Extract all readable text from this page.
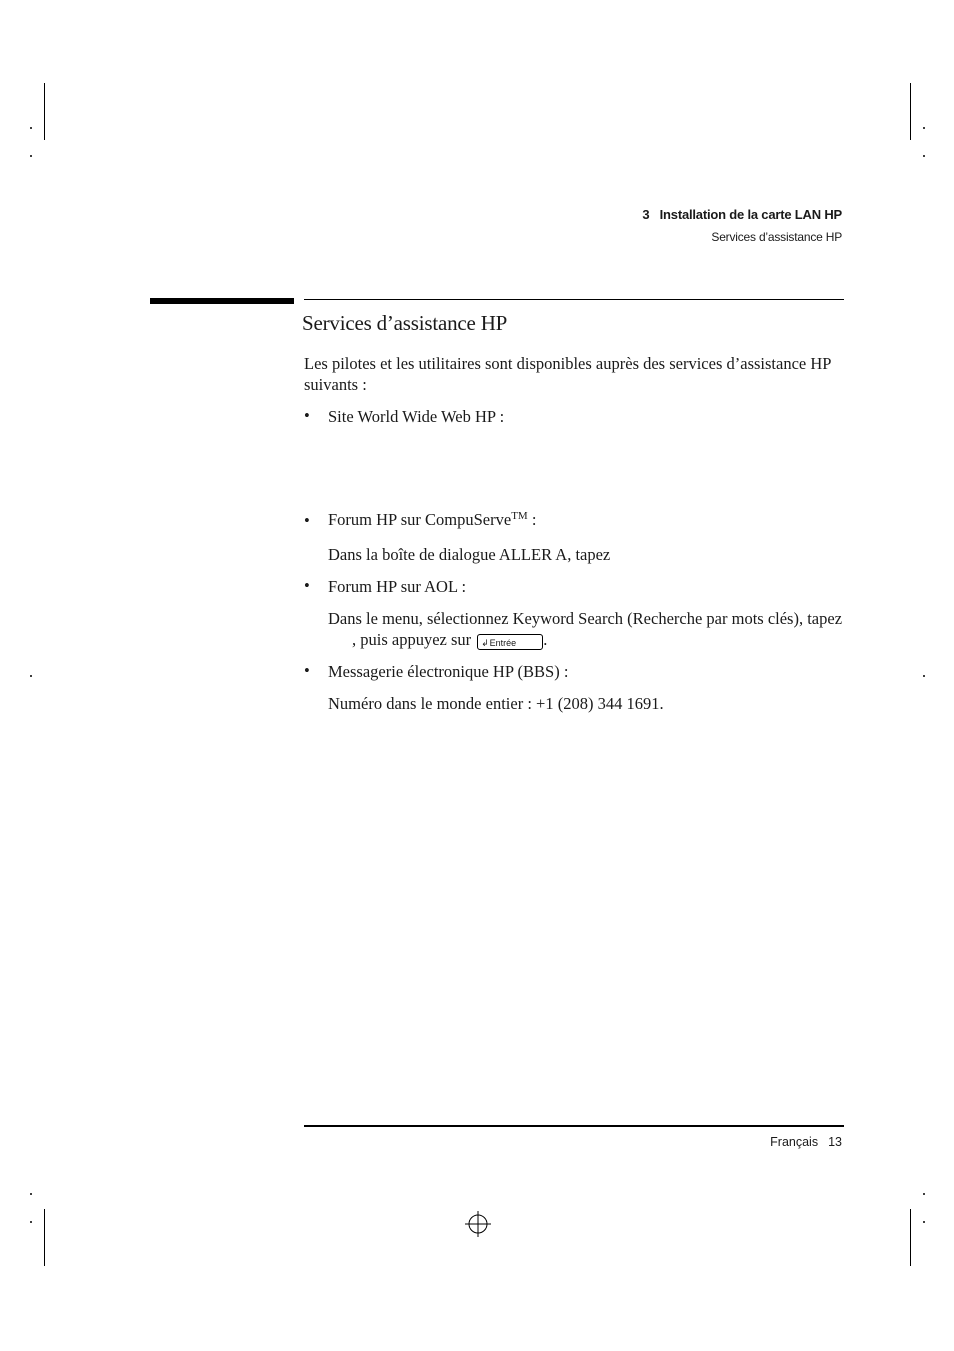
3   Installation de la carte LAN HP
Services d’assistance HP
Services d’assistance HP
Les pilotes et les utilitaires sont disponibles auprès des services d’assistance HP suivants :
• Site World Wide Web HP :
• Forum HP sur CompuServe™ :
Dans la boîte de dialogue ALLER A, tapez
• Forum HP sur AOL :
Dans le menu, sélectionnez Keyword Search (Recherche par mots clés), tapez, puis appuyez sur ↲ Entrée .
• Messagerie électronique HP (BBS) :
Numéro dans le monde entier : +1 (208) 344 1691.
Français 13
